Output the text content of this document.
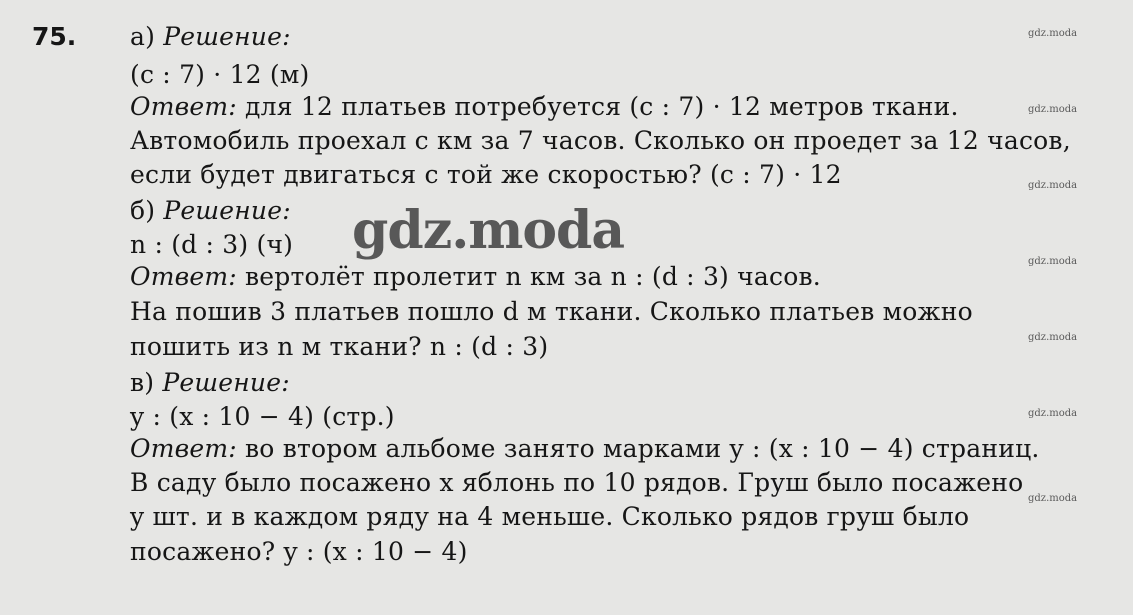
75. а) Решение:
(c : 7) · 12 (м)
Ответ: для 12 платьев потребуется (c : 7) · 12 метров ткани.
Автомобиль проехал c км за 7 часов. Сколько он проедет за 12 часов,
если будет двигаться с той же скоростью? (c : 7) · 12
б) Решение:
n : (d : 3) (ч)
Ответ: вертолёт пролетит n км за n : (d : 3) часов.
На пошив 3 платьев пошло d м ткани. Сколько платьев можно
пошить из n м ткани? n : (d : 3)
в) Решение:
y : (x : 10 − 4) (стр.)
Ответ: во втором альбоме занято марками y : (x : 10 − 4) страниц.
В саду было посажено x яблонь по 10 рядов. Груш было посажено
y шт. и в каждом ряду на 4 меньше. Сколько рядов груш было
посажено? y : (x : 10 − 4)
gdz.moda
gdz.moda
gdz.moda
gdz.moda
gdz.moda
gdz.moda
gdz.moda
gdz.moda
